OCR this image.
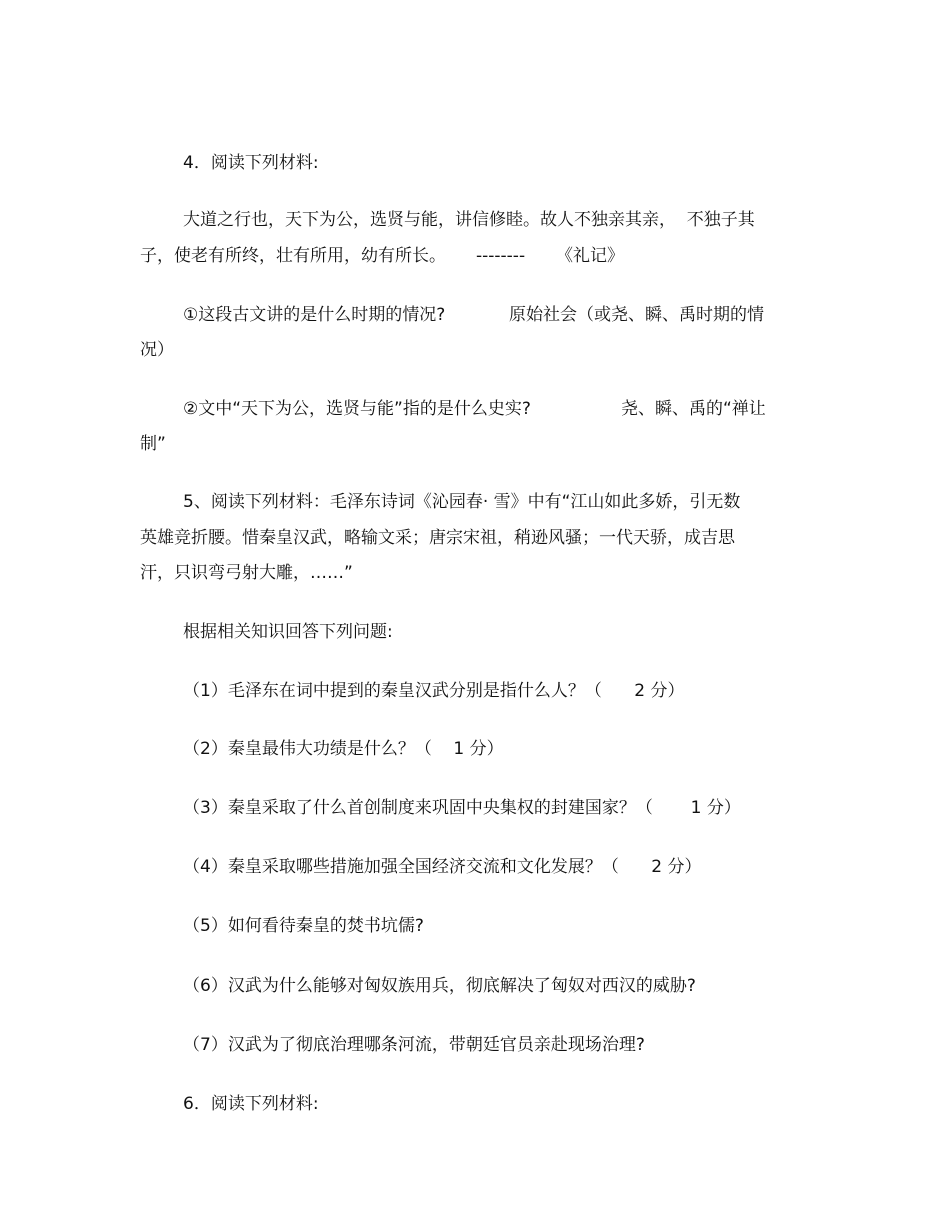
4．阅读下列材料:

大道之行也，天下为公，选贤与能，讲信修睦。故人不独亲其亲，  不独子其

子，使老有所终，壮有所用，幼有所长。

--------

《礼记》

①这段古文讲的是什么时期的情况?

	原始社会（或尧、瞬、禹时期的情

况）

②文中“天下为公，选贤与能”指的是什么史实?

	尧、瞬、禹的“禅让

制”

5、阅读下列材料：毛泽东诗词《沁园春· 雪》中有“江山如此多娇，引无数

英雄竞折腰。惜秦皇汉武，略输文采；唐宗宋祖，稍逊风骚；一代天骄，成吉思

汗，只识弯弓射大雕，……”

根据相关知识回答下列问题:

（1）毛泽东在词中提到的秦皇汉武分别是指什么人？（      2 分）

（2）秦皇最伟大功绩是什么？（    1 分）

（3）秦皇采取了什么首创制度来巩固中央集权的封建国家？（       1 分）

（4）秦皇采取哪些措施加强全国经济交流和文化发展？（      2 分）

（5）如何看待秦皇的焚书坑儒?

（6）汉武为什么能够对匈奴族用兵，彻底解决了匈奴对西汉的威胁?

（7）汉武为了彻底治理哪条河流，带朝廷官员亲赴现场治理?

6．阅读下列材料:
